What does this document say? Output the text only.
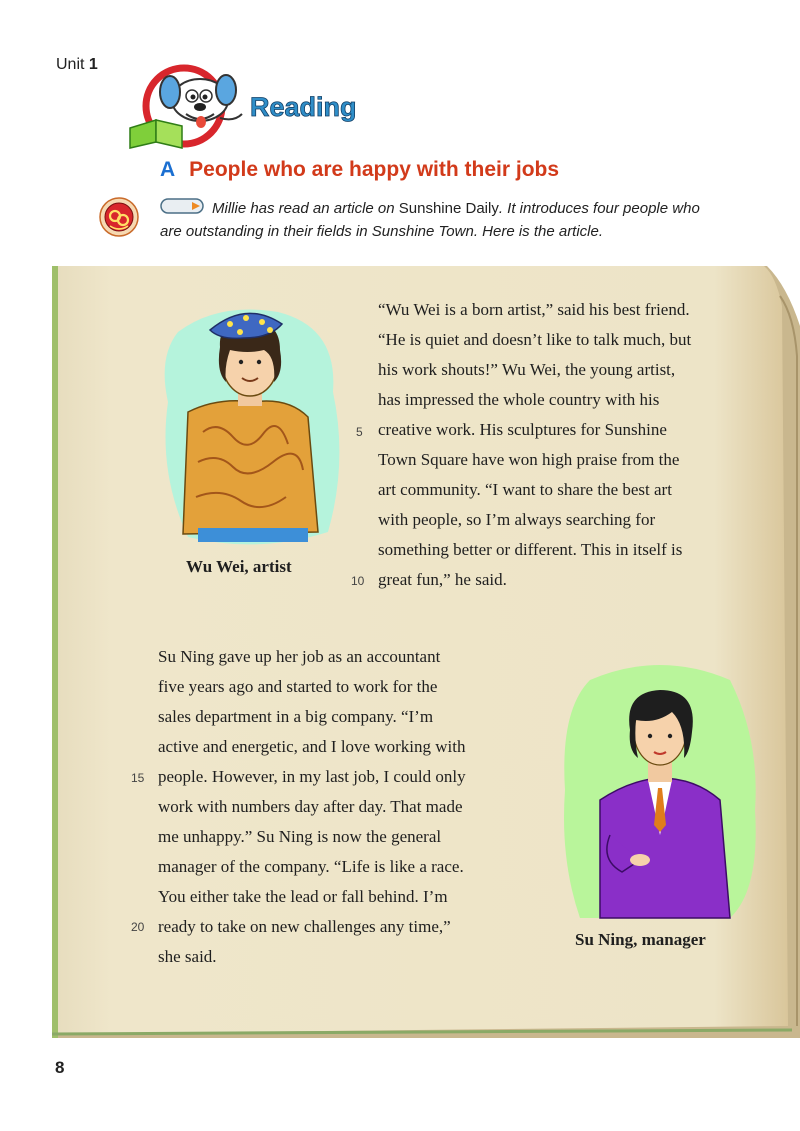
Unit 1
Reading
A People who are happy with their jobs
Millie has read an article on Sunshine Daily. It introduces four people who
are outstanding in their fields in Sunshine Town. Here is the article.
Wu Wei, artist
“Wu Wei is a born artist,” said his best friend.
“He is quiet and doesn’t like to talk much, but
his work shouts!” Wu Wei, the young artist,
has impressed the whole country with his
creative work. His sculptures for Sunshine
Town Square have won high praise from the
art community. “I want to share the best art
with people, so I’m always searching for
something better or different. This in itself is
great fun,” he said.
5
10
Su Ning gave up her job as an accountant
five years ago and started to work for the
sales department in a big company. “I’m
active and energetic, and I love working with
people. However, in my last job, I could only
work with numbers day after day. That made
me unhappy.” Su Ning is now the general
manager of the company. “Life is like a race.
You either take the lead or fall behind. I’m
ready to take on new challenges any time,”
she said.
15
20
Su Ning, manager
8
